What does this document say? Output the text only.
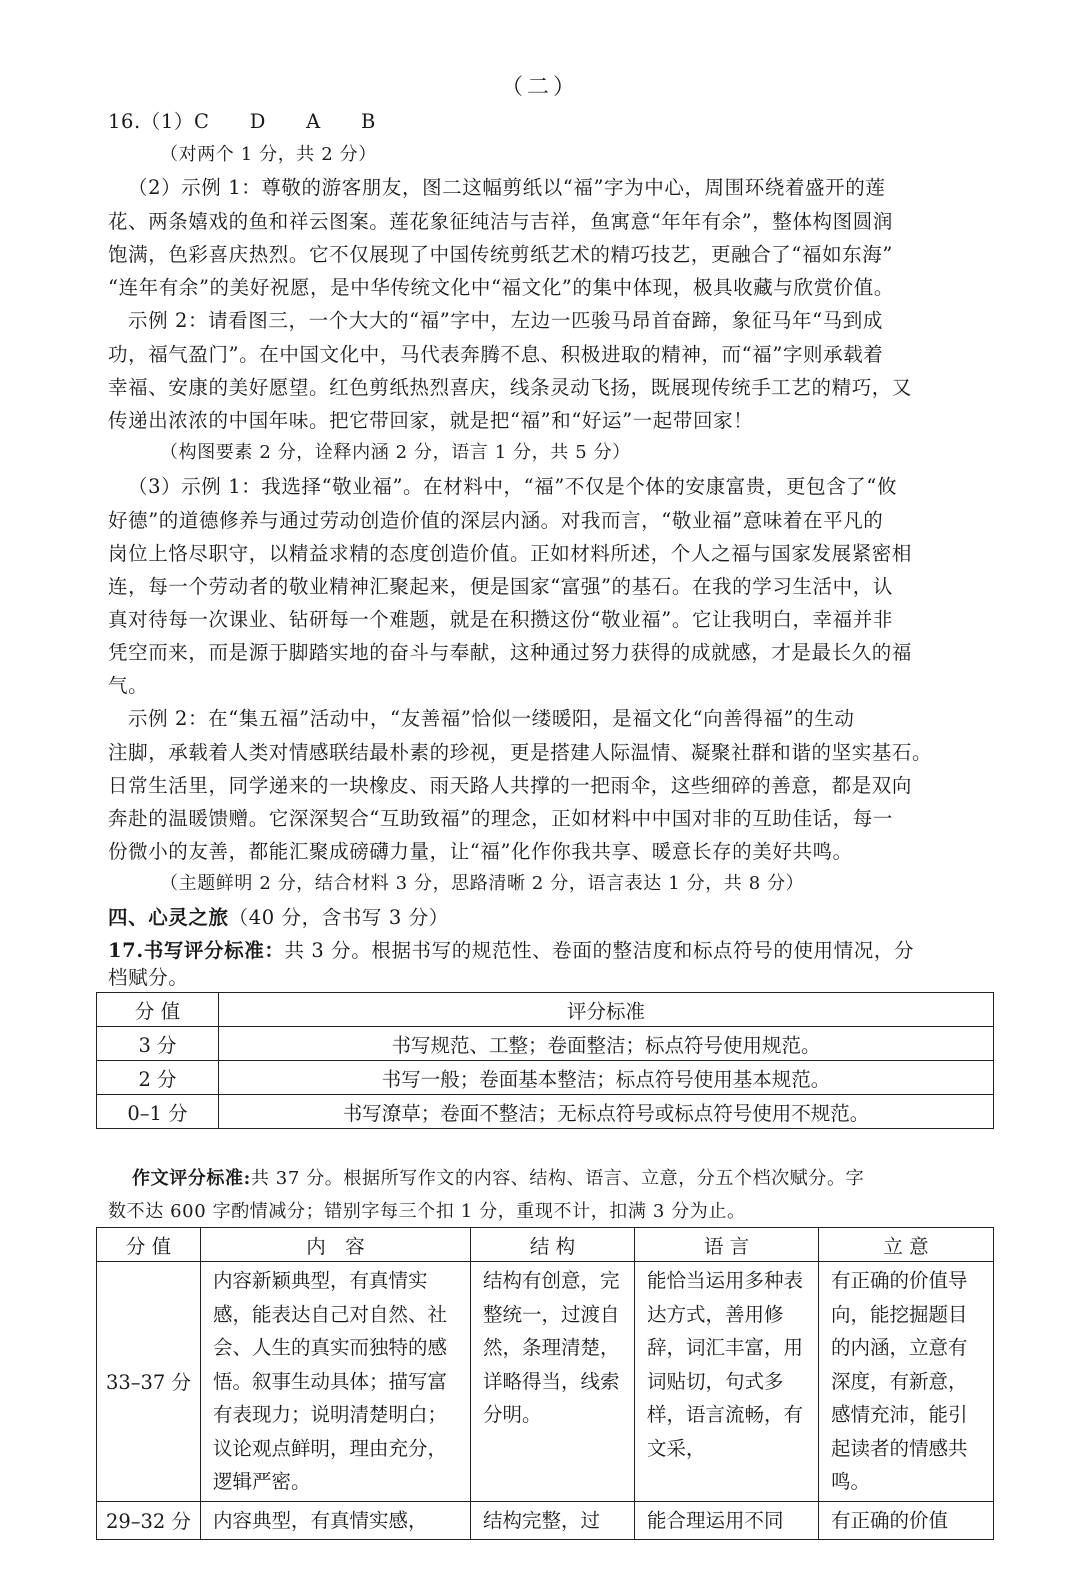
（二）
16.（1）C　　D　　A　　B
（对两个 1 分，共 2 分）
（2）示例 1：尊敬的游客朋友，图二这幅剪纸以“福”字为中心，周围环绕着盛开的莲
花、两条嬉戏的鱼和祥云图案。莲花象征纯洁与吉祥，鱼寓意“年年有余”，整体构图圆润
饱满，色彩喜庆热烈。它不仅展现了中国传统剪纸艺术的精巧技艺，更融合了“福如东海”
“连年有余”的美好祝愿，是中华传统文化中“福文化”的集中体现，极具收藏与欣赏价值。
示例 2：请看图三，一个大大的“福”字中，左边一匹骏马昂首奋蹄，象征马年“马到成
功，福气盈门”。在中国文化中，马代表奔腾不息、积极进取的精神，而“福”字则承载着
幸福、安康的美好愿望。红色剪纸热烈喜庆，线条灵动飞扬，既展现传统手工艺的精巧，又
传递出浓浓的中国年味。把它带回家，就是把“福”和“好运”一起带回家！
（构图要素 2 分，诠释内涵 2 分，语言 1 分，共 5 分）
（3）示例 1：我选择“敬业福”。在材料中，“福”不仅是个体的安康富贵，更包含了“攸
好德”的道德修养与通过劳动创造价值的深层内涵。对我而言，“敬业福”意味着在平凡的
岗位上恪尽职守，以精益求精的态度创造价值。正如材料所述，个人之福与国家发展紧密相
连，每一个劳动者的敬业精神汇聚起来，便是国家“富强”的基石。在我的学习生活中，认
真对待每一次课业、钻研每一个难题，就是在积攒这份“敬业福”。它让我明白，幸福并非
凭空而来，而是源于脚踏实地的奋斗与奉献，这种通过努力获得的成就感，才是最长久的福
气。
示例 2：在“集五福”活动中，“友善福”恰似一缕暖阳，是福文化“向善得福”的生动
注脚，承载着人类对情感联结最朴素的珍视，更是搭建人际温情、凝聚社群和谐的坚实基石。
日常生活里，同学递来的一块橡皮、雨天路人共撑的一把雨伞，这些细碎的善意，都是双向
奔赴的温暖馈赠。它深深契合“互助致福”的理念，正如材料中中国对非的互助佳话，每一
份微小的友善，都能汇聚成磅礴力量，让“福”化作你我共享、暖意长存的美好共鸣。
（主题鲜明 2 分，结合材料 3 分，思路清晰 2 分，语言表达 1 分，共 8 分）
四、心灵之旅（40 分，含书写 3 分）
17.书写评分标准：共 3 分。根据书写的规范性、卷面的整洁度和标点符号的使用情况，分
档赋分。
分 值	评分标准
3 分	书写规范、工整；卷面整洁；标点符号使用规范。
2 分	书写一般；卷面基本整洁；标点符号使用基本规范。
0–1 分	书写潦草；卷面不整洁；无标点符号或标点符号使用不规范。
作文评分标准:共 37 分。根据所写作文的内容、结构、语言、立意，分五个档次赋分。字
数不达 600 字酌情减分；错别字每三个扣 1 分，重现不计，扣满 3 分为止。
分 值	内　容	结 构	语 言	立 意
33–37 分	内容新颖典型，有真情实感，能表达自己对自然、社会、人生的真实而独特的感悟。叙事生动具体；描写富有表现力；说明清楚明白；议论观点鲜明，理由充分，逻辑严密。	结构有创意，完整统一，过渡自然，条理清楚，详略得当，线索分明。	能恰当运用多种表达方式，善用修辞，词汇丰富，用词贴切，句式多样，语言流畅，有文采，	有正确的价值导向，能挖掘题目的内涵，立意有深度，有新意，感情充沛，能引起读者的情感共鸣。

29–32 分	内容典型，有真情实感，	结构完整，过	能合理运用不同	有正确的价值
